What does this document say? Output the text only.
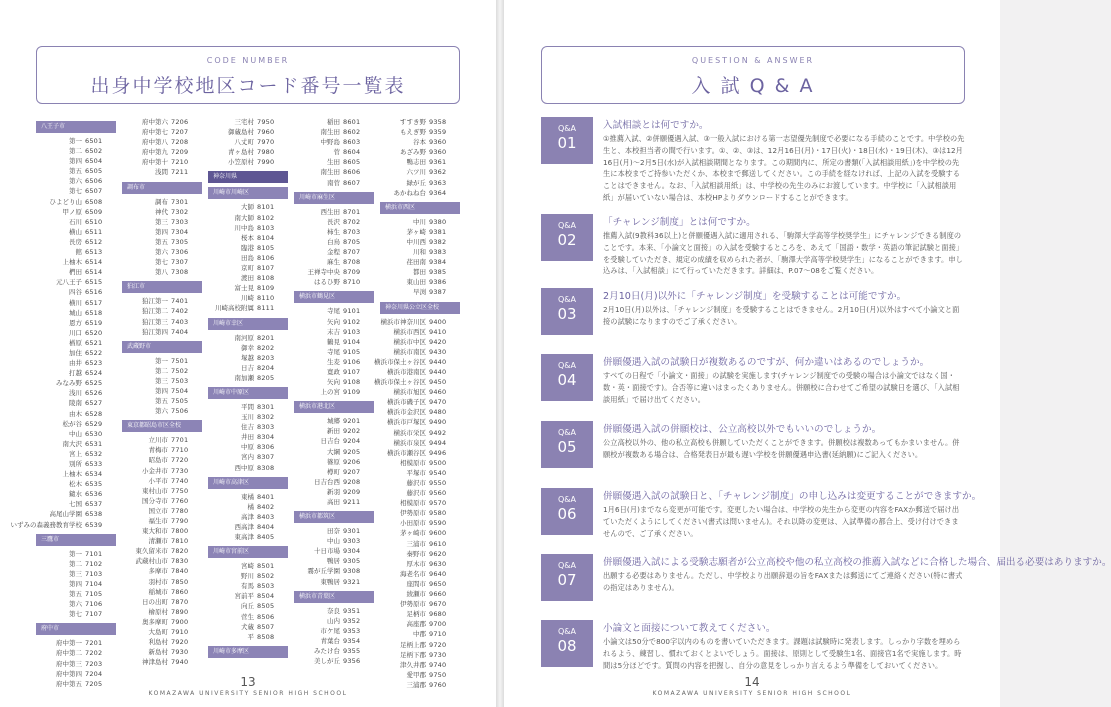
CODE NUMBER
出身中学校地区コード番号一覧表
八王子市
第一 6501
第二 6502
第四 6504
第五 6505
第六 6506
第七 6507
ひよどり山 6508
甲ノ原 6509
石川 6510
横山 6511
長房 6512
館 6513
上柚木 6514
椚田 6514
元八王子 6515
四谷 6516
横川 6517
城山 6518
恩方 6519
川口 6520
楢原 6521
加住 6522
由井 6523
打越 6524
みなみ野 6525
浅川 6526
陵南 6527
由木 6528
松が谷 6529
中山 6530
南大沢 6531
宮上 6532
別所 6533
上柚木 6534
松木 6535
鑓水 6536
七国 6537
高尾山学園 6538
いずみの森義務教育学校 6539
三鷹市
第一 7101
第二 7102
第三 7103
第四 7104
第五 7105
第六 7106
第七 7107
府中市
府中第一 7201
府中第二 7202
府中第三 7203
府中第四 7204
府中第五 7205
府中第六 7206
府中第七 7207
府中第八 7208
府中第九 7209
府中第十 7210
浅間 7211
調布市
調布 7301
神代 7302
第三 7303
第四 7304
第五 7305
第六 7306
第七 7307
第八 7308
狛江市
狛江第一 7401
狛江第二 7402
狛江第三 7403
狛江第四 7404
武蔵野市
第一 7501
第二 7502
第三 7503
第四 7504
第五 7505
第六 7506
東京都昭島市区全校
立川市 7701
青梅市 7710
昭島市 7720
小金井市 7730
小平市 7740
東村山市 7750
国分寺市 7760
国立市 7780
福生市 7790
東大和市 7800
清瀬市 7810
東久留米市 7820
武蔵村山市 7830
多摩市 7840
羽村市 7850
稲城市 7860
日の出町 7870
檜原村 7890
奥多摩町 7900
大島町 7910
利島村 7920
新島村 7930
神津島村 7940
三宅村 7950
御蔵島村 7960
八丈町 7970
青ヶ島村 7980
小笠原村 7990
神奈川県
川崎市川崎区
大師 8101
南大師 8102
川中島 8103
桜本 8104
臨港 8105
田島 8106
京町 8107
渡田 8108
富士見 8109
川崎 8110
川崎高校附属 8111
川崎市幸区
南河原 8201
御幸 8202
塚越 8203
日吉 8204
南加瀬 8205
川崎市中原区
平間 8301
玉川 8302
住吉 8303
井田 8304
中原 8306
宮内 8307
西中原 8308
川崎市高津区
東橘 8401
橘 8402
高津 8403
西高津 8404
東高津 8405
川崎市宮前区
宮崎 8501
野川 8502
有馬 8503
宮前平 8504
向丘 8505
菅生 8506
犬蔵 8507
平 8508
川崎市多摩区
稲田 8601
南生田 8602
中野島 8603
菅 8604
生田 8605
南生田 8606
南菅 8607
川崎市麻生区
西生田 8701
長沢 8702
柿生 8703
白鳥 8705
金程 8707
麻生 8708
王禅寺中央 8709
はるひ野 8710
横浜市鶴見区
寺尾 9101
矢向 9102
末吉 9103
鶴見 9104
寺尾 9105
生麦 9106
寛政 9107
矢向 9108
上の宮 9109
横浜市港北区
城郷 9201
新田 9202
日吉台 9204
大綱 9205
篠原 9206
樽町 9207
日吉台西 9208
新羽 9209
高田 9211
横浜市都筑区
田奈 9301
中山 9303
十日市場 9304
鴨居 9305
霧が丘学園 9308
東鴨居 9321
横浜市青葉区
奈良 9351
山内 9352
市ケ尾 9353
青葉台 9354
みたけ台 9355
美しが丘 9356
すすき野 9358
もえぎ野 9359
谷本 9360
あざみ野 9360
鴨志田 9361
六ツ川 9362
緑が丘 9363
あかねね台 9364
横浜市西区
中川 9380
茅ヶ崎 9381
中川西 9382
川和 9383
荏田南 9384
都田 9385
東山田 9386
早渕 9387
神奈川県公立区全校
横浜市神奈川区 9400
横浜市西区 9410
横浜市中区 9420
横浜市南区 9430
横浜市保土ヶ谷区 9440
横浜市港南区 9440
横浜市保土ヶ谷区 9450
横浜市旭区 9460
横浜市磯子区 9470
横浜市金沢区 9480
横浜市戸塚区 9490
横浜市栄区 9492
横浜市泉区 9494
横浜市瀬谷区 9496
相模原市 9500
平塚市 9540
藤沢市 9550
藤沢市 9560
相模原市 9570
伊勢原市 9580
小田原市 9590
茅ヶ崎市 9600
三浦市 9610
秦野市 9620
厚木市 9630
海老名市 9640
座間市 9650
綾瀬市 9660
伊勢原市 9670
足柄市 9680
高座郡 9700
中郡 9710
足柄上郡 9720
足柄下郡 9730
津久井郡 9740
愛甲郡 9750
三浦郡 9760
13
KOMAZAWA UNIVERSITY SENIOR HIGH SCHOOL
QUESTION & ANSWER
入 試 Q & A
Q&A
01
入試相談とは何ですか。
①推薦入試、②併願優遇入試、③一般入試における第一志望優先制度で必要になる手続のことです。中学校の先生と、本校担当者の間で行います。①、②、③は、12月16日(月)・17日(火)・18日(水)・19日(木)、③は12月16日(月)～2月5日(水)が入試相談期間となります。この期間内に、所定の書類(「入試相談用紙」)を中学校の先生に本校までご持参いただくか、本校まで郵送してください。この手続を経なければ、上記の入試を受験することはできません。なお、「入試相談用紙」は、中学校の先生のみにお渡しています。中学校に「入試相談用紙」が届いていない場合は、本校HPよりダウンロードすることができます。
Q&A
02
「チャレンジ制度」とは何ですか。
推薦入試(9教科36以上)と併願優遇入試に適用される、「駒澤大学高等学校奨学生」にチャレンジできる制度のことです。本来、「小論文と面接」の入試を受験するところを、あえて「国語・数学・英語の筆記試験と面接」を受験していただき、規定の成績を収められた者が、「駒澤大学高等学校奨学生」になることができます。申し込みは、「入試相談」にて行っていただきます。詳細は、P.07～08をご覧ください。
Q&A
03
2月10日(月)以外に「チャレンジ制度」を受験することは可能ですか。
2月10日(月)以外は、「チャレンジ制度」を受験することはできません。2月10日(月)以外はすべて小論文と面接の試験になりますのでご了承ください。
Q&A
04
併願優遇入試の試験日が複数あるのですが、何か違いはあるのでしょうか。
すべての日程で「小論文・面接」の試験を実施します(チャレンジ制度での受験の場合は小論文ではなく国・数・英・面接です)。合否等に違いはまったくありません。併願校に合わせてご希望の試験日を選び、「入試相談用紙」で届け出てください。
Q&A
05
併願優遇入試の併願校は、公立高校以外でもいいのでしょうか。
公立高校以外の、他の私立高校も併願していただくことができます。併願校は複数あってもかまいません。併願校が複数ある場合は、合格発表日が最も遅い学校を併願優遇申込書(延納願)にご記入ください。
Q&A
06
併願優遇入試の試験日と、「チャレンジ制度」の申し込みは変更することができますか。
1月6日(月)までなら変更が可能です。変更したい場合は、中学校の先生から変更の内容をFAXか郵送で届け出ていただくようにしてください(書式は問いません)。それ以降の変更は、入試準備の都合上、受け付けできませんので、ご了承ください。
Q&A
07
併願優遇入試による受験志願者が公立高校や他の私立高校の推薦入試などに合格した場合、届出る必要はありますか。
出願する必要はありません。ただし、中学校より出願辞退の旨をFAXまたは郵送にてご連絡ください(特に書式の指定はありません)。
Q&A
08
小論文と面接について教えてください。
小論文は50分で800字以内のものを書いていただきます。課題は試験時に発表します。しっかり字数を埋められるよう、練習し、慣れておくとよいでしょう。面接は、原則として受験生1名、面接官1名で実施します。時間は5分ほどです。質問の内容を把握し、自分の意見をしっかり言えるよう準備をしておいてください。
14
KOMAZAWA UNIVERSITY SENIOR HIGH SCHOOL
